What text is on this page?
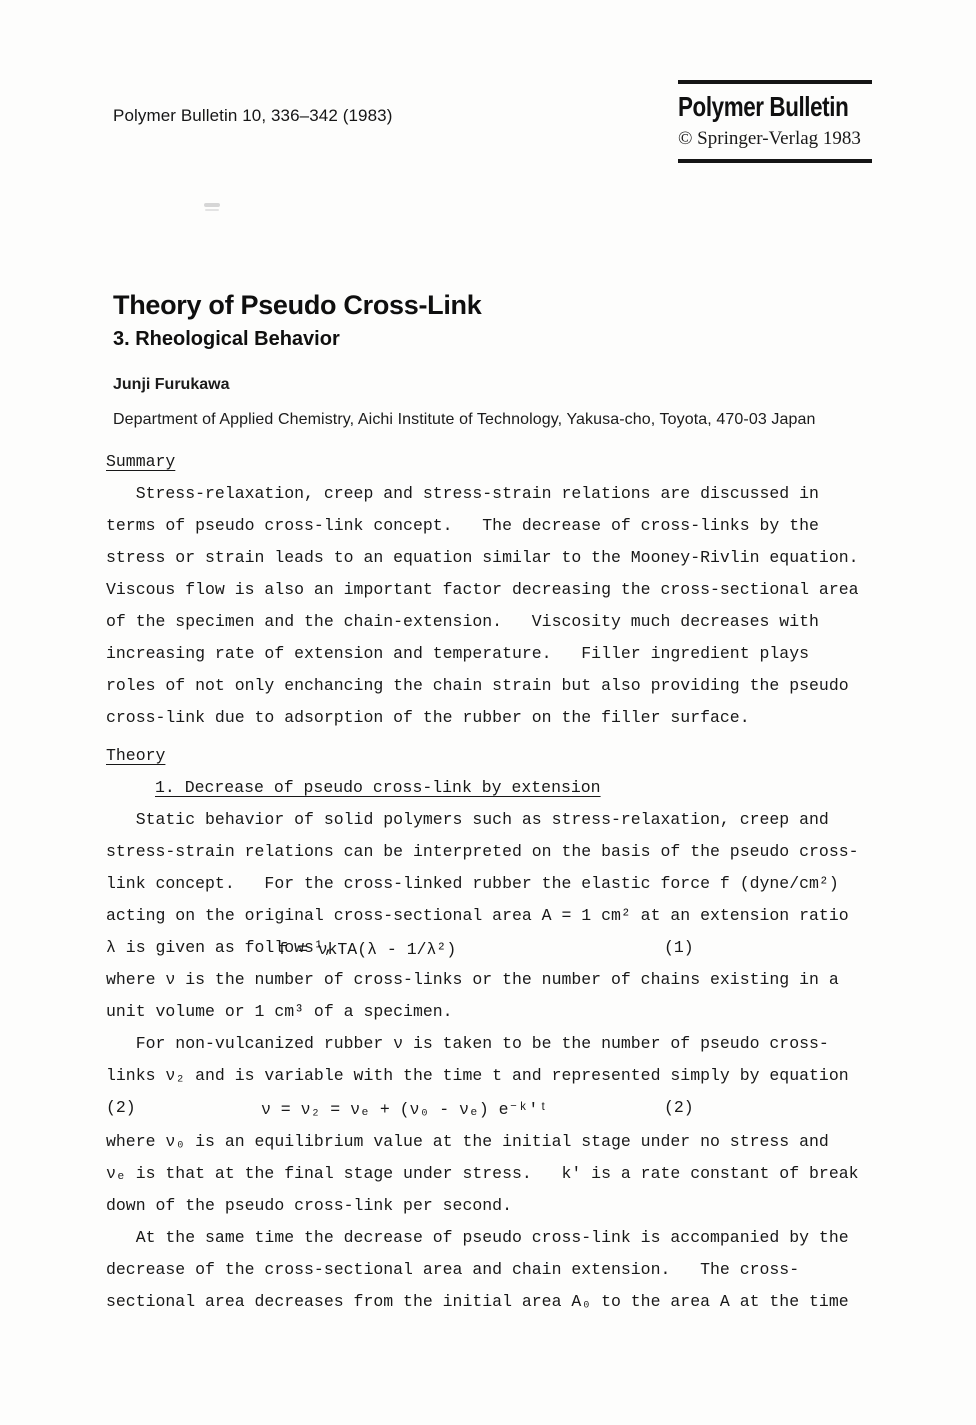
Polymer Bulletin 10, 336–342 (1983)	Polymer Bulletin
© Springer-Verlag 1983
Theory of Pseudo Cross-Link
3. Rheological Behavior
Junji Furukawa
Department of Applied Chemistry, Aichi Institute of Technology, Yakusa-cho, Toyota, 470-03 Japan
Summary
Stress-relaxation, creep and stress-strain relations are discussed in
terms of pseudo cross-link concept.   The decrease of cross-links by the
stress or strain leads to an equation similar to the Mooney-Rivlin equation.
Viscous flow is also an important factor decreasing the cross-sectional area
of the specimen and the chain-extension.   Viscosity much decreases with
increasing rate of extension and temperature.   Filler ingredient plays
roles of not only enchancing the chain strain but also providing the pseudo
cross-link due to adsorption of the rubber on the filler surface.
Theory
1. Decrease of pseudo cross-link by extension
Static behavior of solid polymers such as stress-relaxation, creep and
stress-strain relations can be interpreted on the basis of the pseudo cross-
link concept.   For the cross-linked rubber the elastic force f (dyne/cm²)
acting on the original cross-sectional area A = 1 cm² at an extension ratio

λ is given as follows¹,

f = νkTA(λ - 1/λ²)

	(1)

where ν is the number of cross-links or the number of chains existing in a
unit volume or 1 cm³ of a specimen.
For non-vulcanized rubber ν is taken to be the number of pseudo cross-
links ν₂ and is variable with the time t and represented simply by equation

(2)

	ν = ν₂ = νₑ + (ν₀ - νₑ) e⁻ᵏ'ᵗ

	(2)

where ν₀ is an equilibrium value at the initial stage under no stress and
νₑ is that at the final stage under stress.   k' is a rate constant of break
down of the pseudo cross-link per second.
At the same time the decrease of pseudo cross-link is accompanied by the
decrease of the cross-sectional area and chain extension.   The cross-
sectional area decreases from the initial area A₀ to the area A at the time
